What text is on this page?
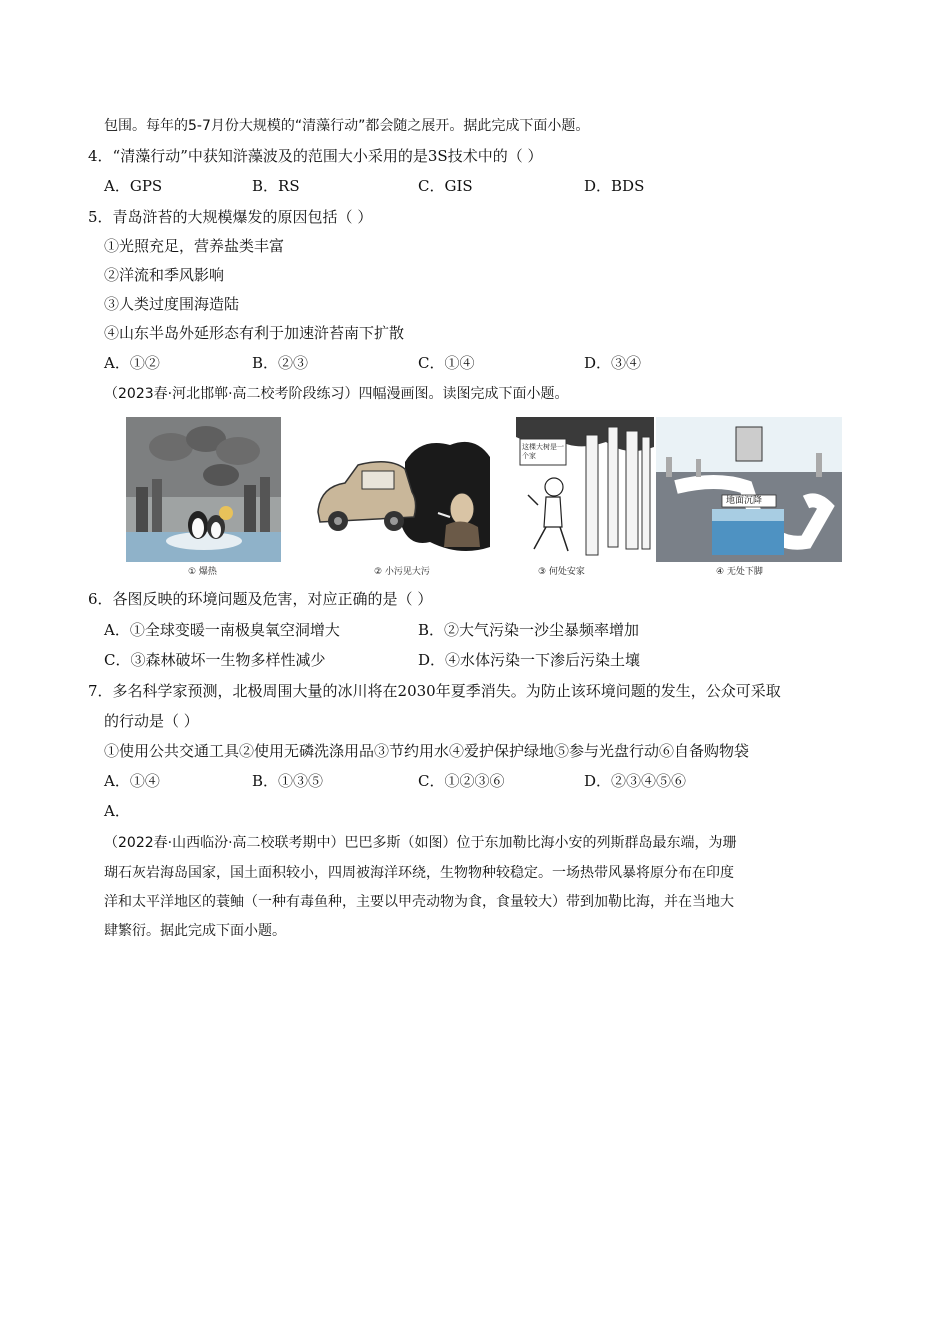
包围。每年的5-7月份大规模的“清藻行动”都会随之展开。据此完成下面小题。
4．“清藻行动”中获知浒藻波及的范围大小采用的是3S技术中的（ ）
A．GPS	B．RS	C．GIS	D．BDS
5．青岛浒苔的大规模爆发的原因包括（ ）
①光照充足，营养盐类丰富
②洋流和季风影响
③人类过度围海造陆
④山东半岛外延形态有利于加速浒苔南下扩散
A．①②	B．②③	C．①④	D．③④
（2023春·河北邯郸·高二校考阶段练习）四幅漫画图。读图完成下面小题。
① 爆热	② 小污见大污
这棵大树是一个家
③ 何处安家
地面沉降
④ 无处下脚
6．各图反映的环境问题及危害，对应正确的是（ ）
A．①全球变暖一南极臭氧空洞增大	B．②大气污染一沙尘暴频率增加
C．③森林破坏一生物多样性减少	D．④水体污染一下渗后污染土壤
7．多名科学家预测，北极周围大量的冰川将在2030年夏季消失。为防止该环境问题的发生，公众可采取
的行动是（ ）
①使用公共交通工具②使用无磷洗涤用品③节约用水④爱护保护绿地⑤参与光盘行动⑥自备购物袋
A．①④	B．①③⑤	C．①②③⑥	D．②③④⑤⑥
A．
（2022春·山西临汾·高二校联考期中）巴巴多斯（如图）位于东加勒比海小安的列斯群岛最东端，为珊
瑚石灰岩海岛国家，国土面积较小，四周被海洋环绕，生物物种较稳定。一场热带风暴将原分布在印度
洋和太平洋地区的蓑鲉（一种有毒鱼种，主要以甲壳动物为食，食量较大）带到加勒比海，并在当地大
肆繁衍。据此完成下面小题。
